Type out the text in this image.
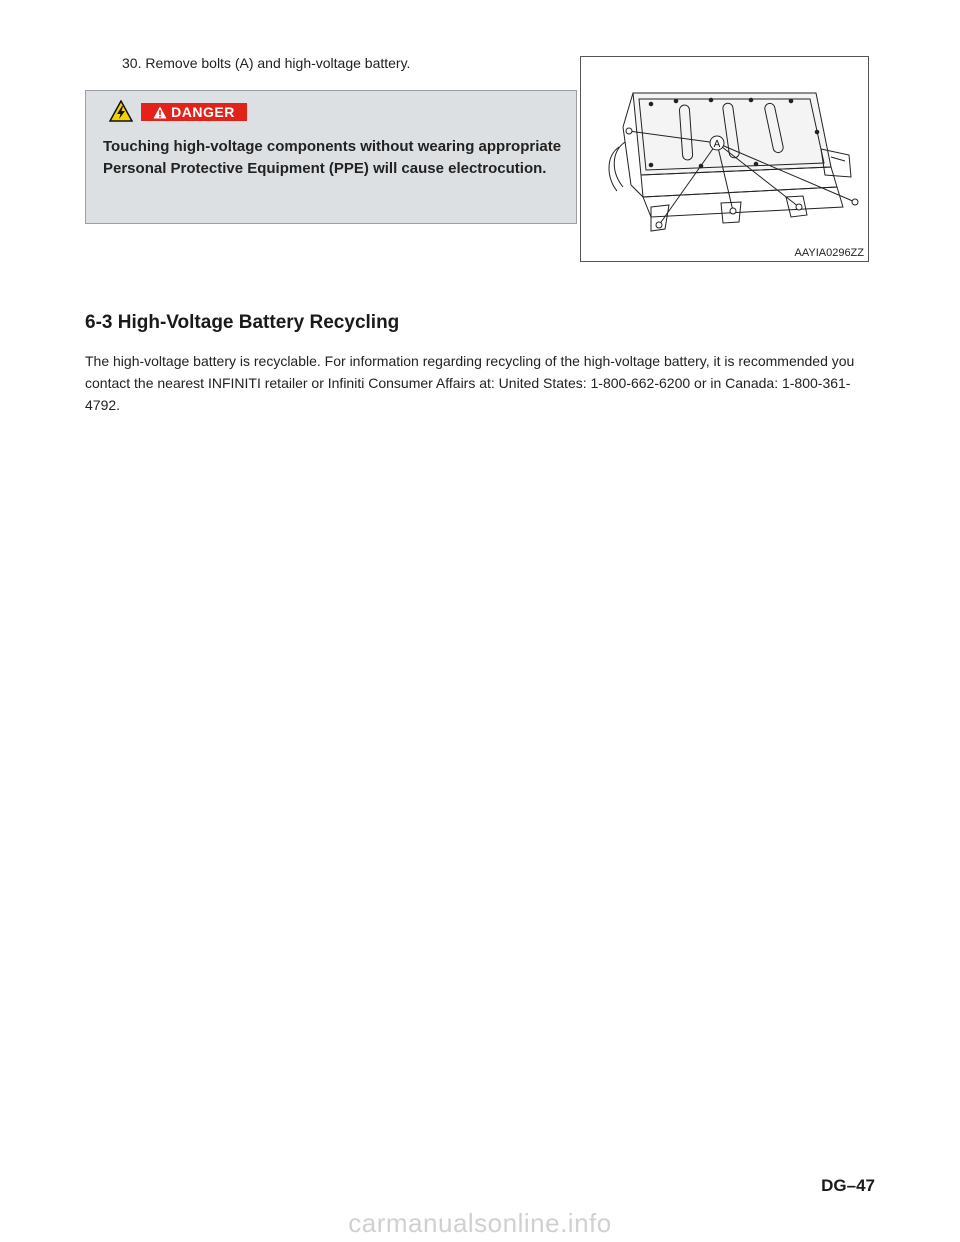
30. Remove bolts (A) and high-voltage battery.
DANGER
Touching high-voltage components without wearing appropriate Personal Protective Equipment (PPE) will cause electrocution.
A
AAYIA0296ZZ
6-3 High-Voltage Battery Recycling
The high-voltage battery is recyclable. For information regarding recycling of the high-voltage battery, it is recommended you contact the nearest INFINITI retailer or Infiniti Consumer Affairs at: United States: 1-800-662-6200 or in Canada: 1-800-361-4792.
DG–47
carmanualsonline.info
